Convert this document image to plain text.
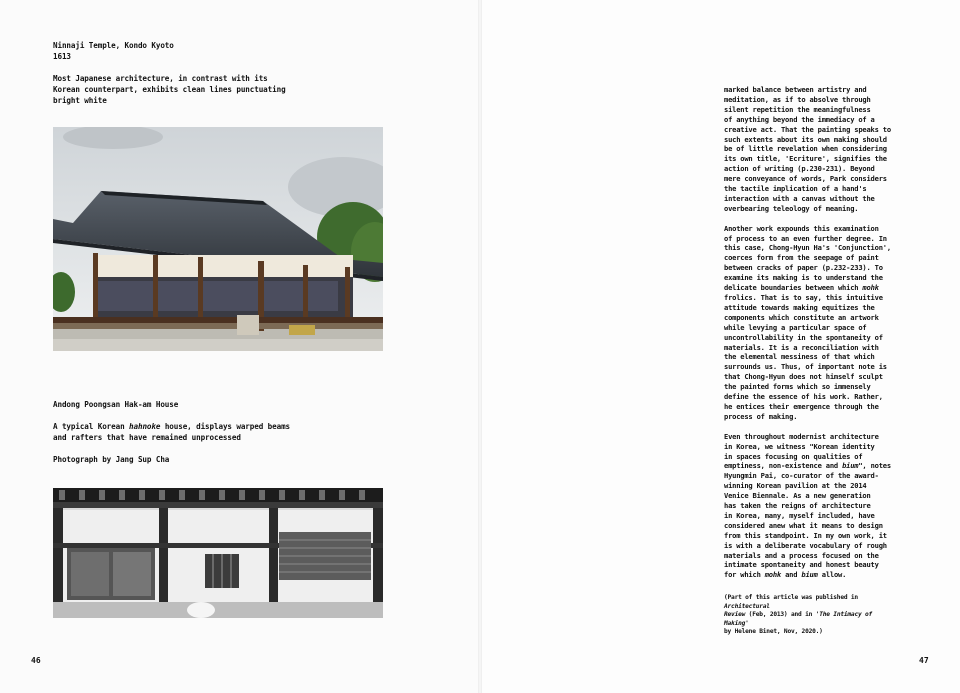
Ninnaji Temple, Kondo Kyoto

1613

Most Japanese architecture, in contrast with its

Korean counterpart, exhibits clean lines punctuating

bright white

Andong Poongsan Hak-am House

A typical Korean hahnoke house, displays warped beams

and rafters that have remained unprocessed

Photograph by Jang Sup Cha

46

marked balance between artistry and
meditation, as if to absolve through
silent repetition the meaningfulness
of anything beyond the immediacy of a
creative act. That the painting speaks to
such extents about its own making should
be of little revelation when considering
its own title, 'Ecriture', signifies the
action of writing (p.230-231). Beyond
mere conveyance of words, Park considers
the tactile implication of a hand's
interaction with a canvas without the
overbearing teleology of meaning.

Another work expounds this examination
of process to an even further degree. In
this case, Chong-Hyun Ha's 'Conjunction',
coerces form from the seepage of paint
between cracks of paper (p.232-233). To
examine its making is to understand the
delicate boundaries between which mohk
frolics. That is to say, this intuitive
attitude towards making equitizes the
components which constitute an artwork
while levying a particular space of
uncontrollability in the spontaneity of
materials. It is a reconciliation with
the elemental messiness of that which
surrounds us. Thus, of important note is
that Chong-Hyun does not himself sculpt
the painted forms which so immensely
define the essence of his work. Rather,
he entices their emergence through the
process of making.

Even throughout modernist architecture
in Korea, we witness "Korean identity
in spaces focusing on qualities of
emptiness, non-existence and bium", notes
Hyungmin Pai, co-curator of the award-
winning Korean pavilion at the 2014
Venice Biennale. As a new generation
has taken the reigns of architecture
in Korea, many, myself included, have
considered anew what it means to design
from this standpoint. In my own work, it
is with a deliberate vocabulary of rough
materials and a process focused on the
intimate spontaneity and honest beauty
for which mohk and bium allow.

(Part of this article was published in Architectural
Review (Feb, 2013) and in 'The Intimacy of Making'
by Helene Binet, Nov, 2020.)

47
